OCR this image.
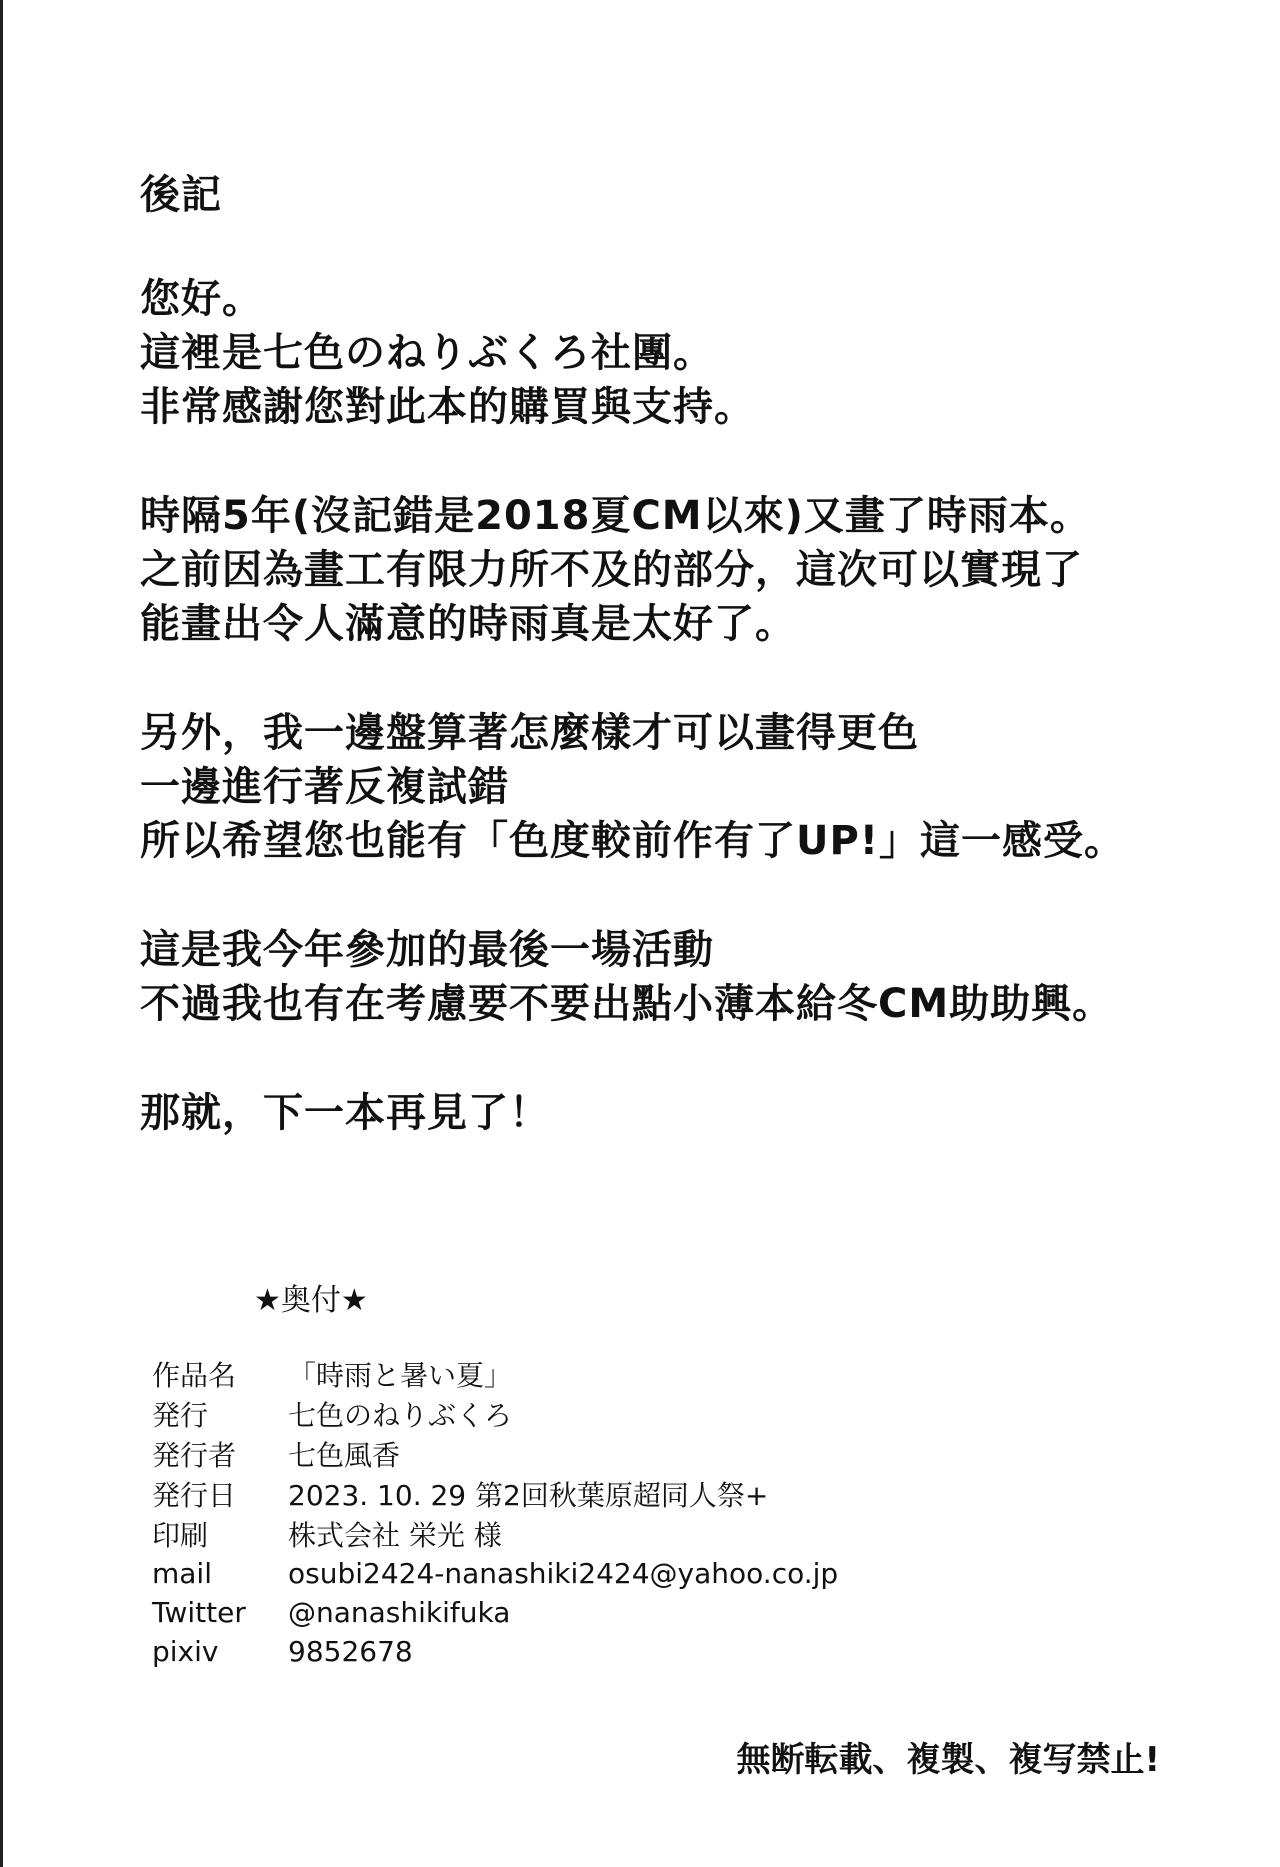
後記
您好。
這裡是七色のねりぶくろ社團。
非常感謝您對此本的購買與支持。
時隔5年(沒記錯是2018夏CM以來)又畫了時雨本。
之前因為畫工有限力所不及的部分，這次可以實現了
能畫出令人滿意的時雨真是太好了。
另外，我一邊盤算著怎麼樣才可以畫得更色
一邊進行著反複試錯
所以希望您也能有「色度較前作有了UP!」這一感受。
這是我今年參加的最後一場活動
不過我也有在考慮要不要出點小薄本給冬CM助助興。
那就，下一本再見了！
★奥付★
作品名	「時雨と暑い夏」
発行	七色のねりぶくろ
発行者	七色風香
発行日	2023. 10. 29 第2回秋葉原超同人祭+
印刷	株式会社 栄光 様
mail	osubi2424-nanashiki2424@yahoo.co.jp
Twitter	@nanashikifuka
pixiv	9852678
無断転載、複製、複写禁止!
